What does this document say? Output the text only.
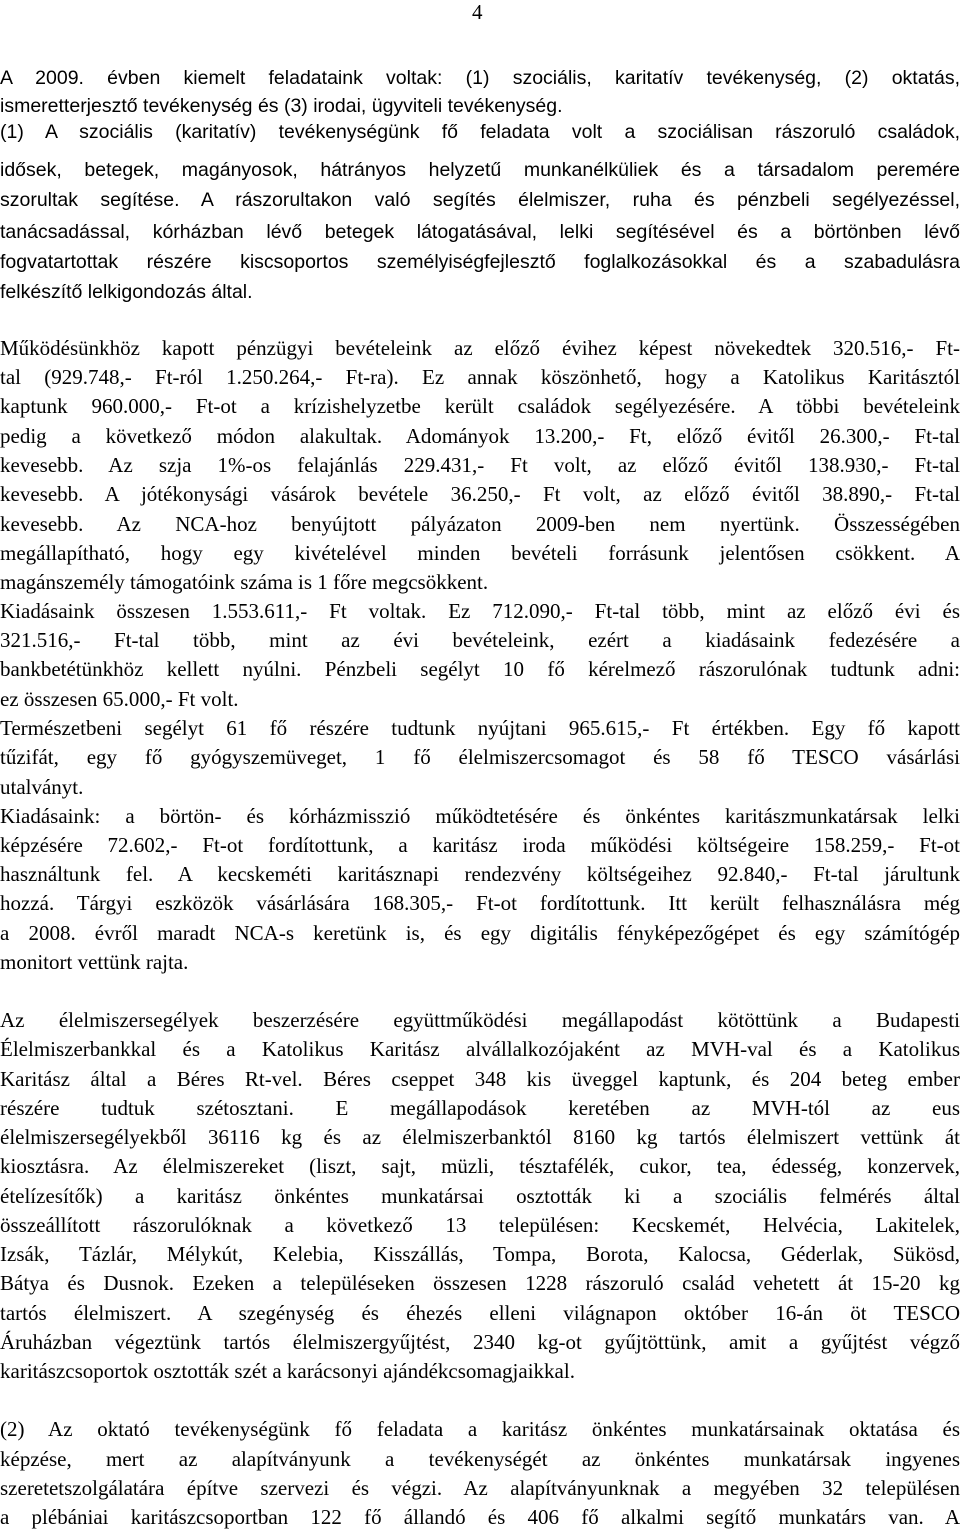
4
A 2009. évben kiemelt feladataink voltak: (1) szociális, karitatív tevékenység, (2) oktatás,
ismeretterjesztő tevékenység és (3) irodai, ügyviteli tevékenység.
(1) A szociális (karitatív) tevékenységünk fő feladata volt a szociálisan rászoruló családok,
idősek, betegek, magányosok, hátrányos helyzetű munkanélküliek és a társadalom peremére
szorultak segítése. A rászorultakon való segítés élelmiszer, ruha és pénzbeli segélyezéssel,
tanácsadással, kórházban lévő betegek látogatásával, lelki segítésével és a börtönben lévő
fogvatartottak részére kiscsoportos személyiségfejlesztő foglalkozásokkal és a szabadulásra
felkészítő lelkigondozás által.
Működésünkhöz kapott pénzügyi bevételeink az előző évihez képest növekedtek 320.516,- Ft-
tal (929.748,- Ft-ról 1.250.264,- Ft-ra). Ez annak köszönhető, hogy a Katolikus Karitásztól
kaptunk 960.000,- Ft-ot a krízishelyzetbe került családok segélyezésére. A többi bevételeink
pedig a következő módon alakultak. Adományok 13.200,- Ft, előző évitől 26.300,- Ft-tal
kevesebb. Az szja 1%-os felajánlás 229.431,- Ft volt, az előző évitől 138.930,- Ft-tal
kevesebb. A jótékonysági vásárok bevétele 36.250,- Ft volt, az előző évitől 38.890,- Ft-tal
kevesebb. Az NCA-hoz benyújtott pályázaton 2009-ben nem nyertünk. Összességében
megállapítható, hogy egy kivételével minden bevételi forrásunk jelentősen csökkent. A
magánszemély támogatóink száma is 1 főre megcsökkent.
Kiadásaink összesen 1.553.611,- Ft voltak. Ez 712.090,- Ft-tal több, mint az előző évi és
321.516,- Ft-tal több, mint az évi bevételeink, ezért a kiadásaink fedezésére a
bankbetétünkhöz kellett nyúlni. Pénzbeli segélyt 10 fő kérelmező rászorulónak tudtunk adni:
ez összesen 65.000,- Ft volt.
Természetbeni segélyt 61 fő részére tudtunk nyújtani 965.615,- Ft értékben. Egy fő kapott
tűzifát, egy fő gyógyszemüveget, 1 fő élelmiszercsomagot és 58 fő TESCO vásárlási
utalványt.
Kiadásaink: a börtön- és kórházmisszió működtetésére és önkéntes karitászmunkatársak lelki
képzésére 72.602,- Ft-ot fordítottunk, a karitász iroda működési költségeire 158.259,- Ft-ot
használtunk fel. A kecskeméti karitásznapi rendezvény költségeihez 92.840,- Ft-tal járultunk
hozzá. Tárgyi eszközök vásárlására 168.305,- Ft-ot fordítottunk. Itt került felhasználásra még
a 2008. évről maradt NCA-s keretünk is, és egy digitális fényképezőgépet és egy számítógép
monitort vettünk rajta.
Az élelmiszersegélyek beszerzésére együttműködési megállapodást kötöttünk a Budapesti
Élelmiszerbankkal és a Katolikus Karitász alvállalkozójaként az MVH-val és a Katolikus
Karitász által a Béres Rt-vel. Béres cseppet 348 kis üveggel kaptunk, és 204 beteg ember
részére tudtuk szétosztani. E megállapodások keretében az MVH-tól az eus
élelmiszersegélyekből 36116 kg és az élelmiszerbanktól 8160 kg tartós élelmiszert vettünk át
kiosztásra. Az élelmiszereket (liszt, sajt, müzli, tésztafélék, cukor, tea, édesség, konzervek,
ételízesítők) a karitász önkéntes munkatársai osztották ki a szociális felmérés által
összeállított rászorulóknak a következő 13 településen: Kecskemét, Helvécia, Lakitelek,
Izsák, Tázlár, Mélykút, Kelebia, Kisszállás, Tompa, Borota, Kalocsa, Géderlak, Sükösd,
Bátya és Dusnok. Ezeken a településeken összesen 1228 rászoruló család vehetett át 15-20 kg
tartós élelmiszert. A szegénység és éhezés elleni világnapon október 16-án öt TESCO
Áruházban végeztünk tartós élelmiszergyűjtést, 2340 kg-ot gyűjtöttünk, amit a gyűjtést végző
karitászcsoportok osztották szét a karácsonyi ajándékcsomagjaikkal.
(2) Az oktató tevékenységünk fő feladata a karitász önkéntes munkatársainak oktatása és
képzése, mert az alapítványunk a tevékenységét az önkéntes munkatársak ingyenes
szeretetszolgálatára építve szervezi és végzi. Az alapítványunknak a megyében 32 településen
a plébániai karitászcsoportban 122 fő állandó és 406 fő alkalmi segítő munkatárs van. A
